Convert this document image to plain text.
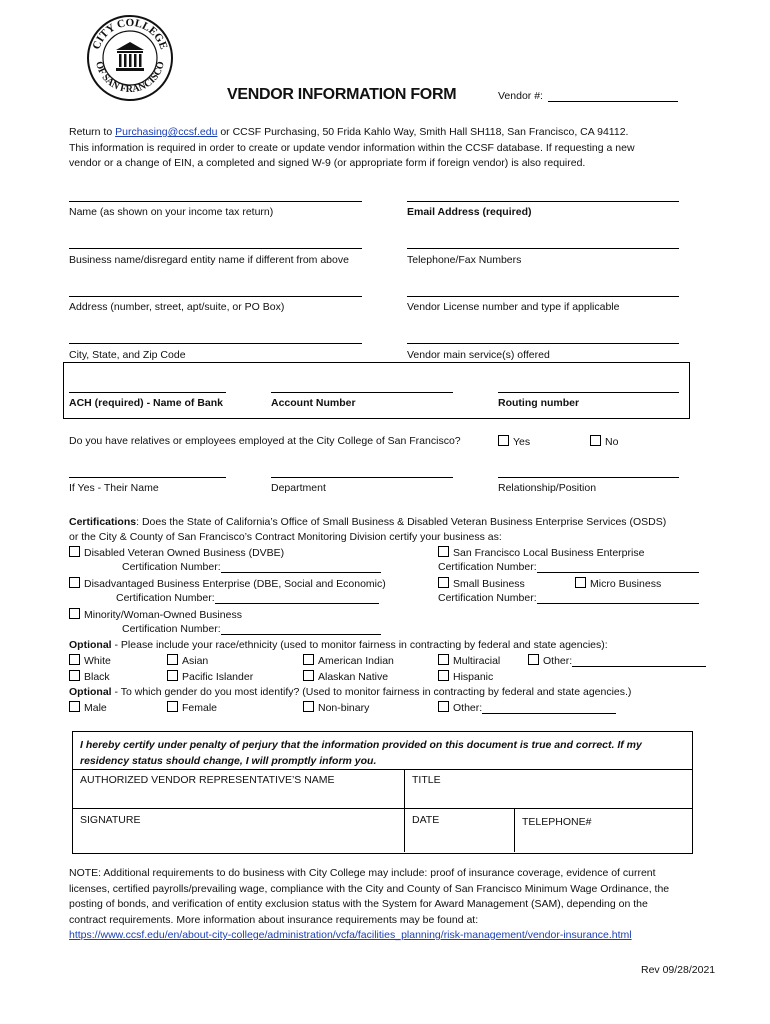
CITY COLLEGE
OF SAN FRANCISCO
VENDOR INFORMATION FORM	Vendor #:
Return to Purchasing@ccsf.edu or CCSF Purchasing, 50 Frida Kahlo Way, Smith Hall SH118, San Francisco, CA 94112.
This information is required in order to create or update vendor information within the CCSF database. If requesting a new
vendor or a change of EIN, a completed and signed W-9 (or appropriate form if foreign vendor) is also required.
Name (as shown on your income tax return)	Email Address (required)
Business name/disregard entity name if different from above	Telephone/Fax Numbers
Address (number, street, apt/suite, or PO Box)	Vendor License number and type if applicable
City, State, and Zip Code	Vendor main service(s) offered
ACH (required) - Name of Bank	Account Number	Routing number
Do you have relatives or employees employed at the City College of San Francisco?	Yes	No
If Yes - Their Name	Department	Relationship/Position
Certifications: Does the State of California’s Office of Small Business & Disabled Veteran Business Enterprise Services (OSDS)
or the City & County of San Francisco’s Contract Monitoring Division certify your business as:
Disabled Veteran Owned Business (DVBE)	San Francisco Local Business Enterprise
Certification Number:	Certification Number:
Disadvantaged Business Enterprise (DBE, Social and Economic)	Small Business	Micro Business
Certification Number:	Certification Number:
Minority/Woman-Owned Business
Certification Number:
Optional - Please include your race/ethnicity (used to monitor fairness in contracting by federal and state agencies):
White	Asian	American Indian	Multiracial	Other:
Black	Pacific Islander	Alaskan Native	Hispanic
Optional - To which gender do you most identify? (Used to monitor fairness in contracting by federal and state agencies.)
Male	Female	Non-binary	Other:
I hereby certify under penalty of perjury that the information provided on this document is true and correct. If my
residency status should change, I will promptly inform you.
AUTHORIZED VENDOR REPRESENTATIVE’S NAME	TITLE
SIGNATURE	DATE	TELEPHONE#
NOTE: Additional requirements to do business with City College may include: proof of insurance coverage, evidence of current
licenses, certified payrolls/prevailing wage, compliance with the City and County of San Francisco Minimum Wage Ordinance, the
posting of bonds, and verification of entity exclusion status with the System for Award Management (SAM), depending on the
contract requirements. More information about insurance requirements may be found at:
https://www.ccsf.edu/en/about-city-college/administration/vcfa/facilities_planning/risk-management/vendor-insurance.html
Rev 09/28/2021
